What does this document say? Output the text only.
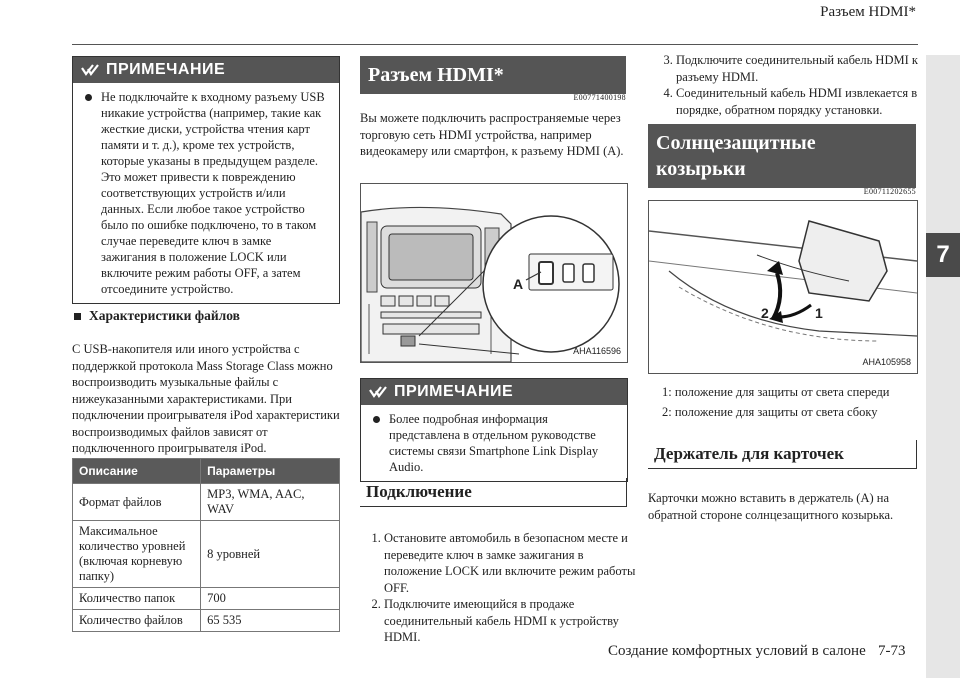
Разъем HDMI*
7
Создание комфортных условий в салоне 7-73
ПРИМЕЧАНИЕ
Не подключайте к входному разъему USB никакие устройства (например, такие как жесткие диски, устройства чтения карт памяти и т. д.), кроме тех устройств, которые указаны в предыдущем разделе. Это может привести к повреждению соответствующих устройств и/или данных. Если любое такое устройство было по ошибке подключено, то в таком случае переведите ключ в замке зажигания в положение LOCK или включите режим работы OFF, а затем отсоедините устройство.
Характеристики файлов
С USB-накопителя или иного устройства с поддержкой протокола Mass Storage Class можно воспроизводить музыкальные файлы с нижеуказанными характеристиками. При подключении проигрывателя iPod характеристики воспроизводимых файлов зависят от подключенного проигрывателя iPod.
Описание	Параметры
Формат файлов	MP3, WMA, AAC, WAV
Максимальное количество уровней (включая корневую папку)	8 уровней
Количество папок	700
Количество файлов	65 535
Разъем HDMI*
E00771400198
Вы можете подключить распространяемые через торговую сеть HDMI устройства, например видеокамеру или смартфон, к разъему HDMI (A).
A
AHA116596
ПРИМЕЧАНИЕ
Более подробная информация представлена в отдельном руководстве системы связи Smartphone Link Display Audio.
Подключение
1. Остановите автомобиль в безопасном месте и переведите ключ в замке зажигания в положение LOCK или включите режим работы OFF.
2. Подключите имеющийся в продаже соединительный кабель HDMI к устройству HDMI.
3. Подключите соединительный кабель HDMI к разъему HDMI.
4. Соединительный кабель HDMI извлекается в порядке, обратном порядку установки.
Солнцезащитные козырьки
E00711202655
1
2
AHA105958
1: положение для защиты от света спереди
2: положение для защиты от света сбоку
Держатель для карточек
Карточки можно вставить в держатель (А) на обратной стороне солнцезащитного козырька.
